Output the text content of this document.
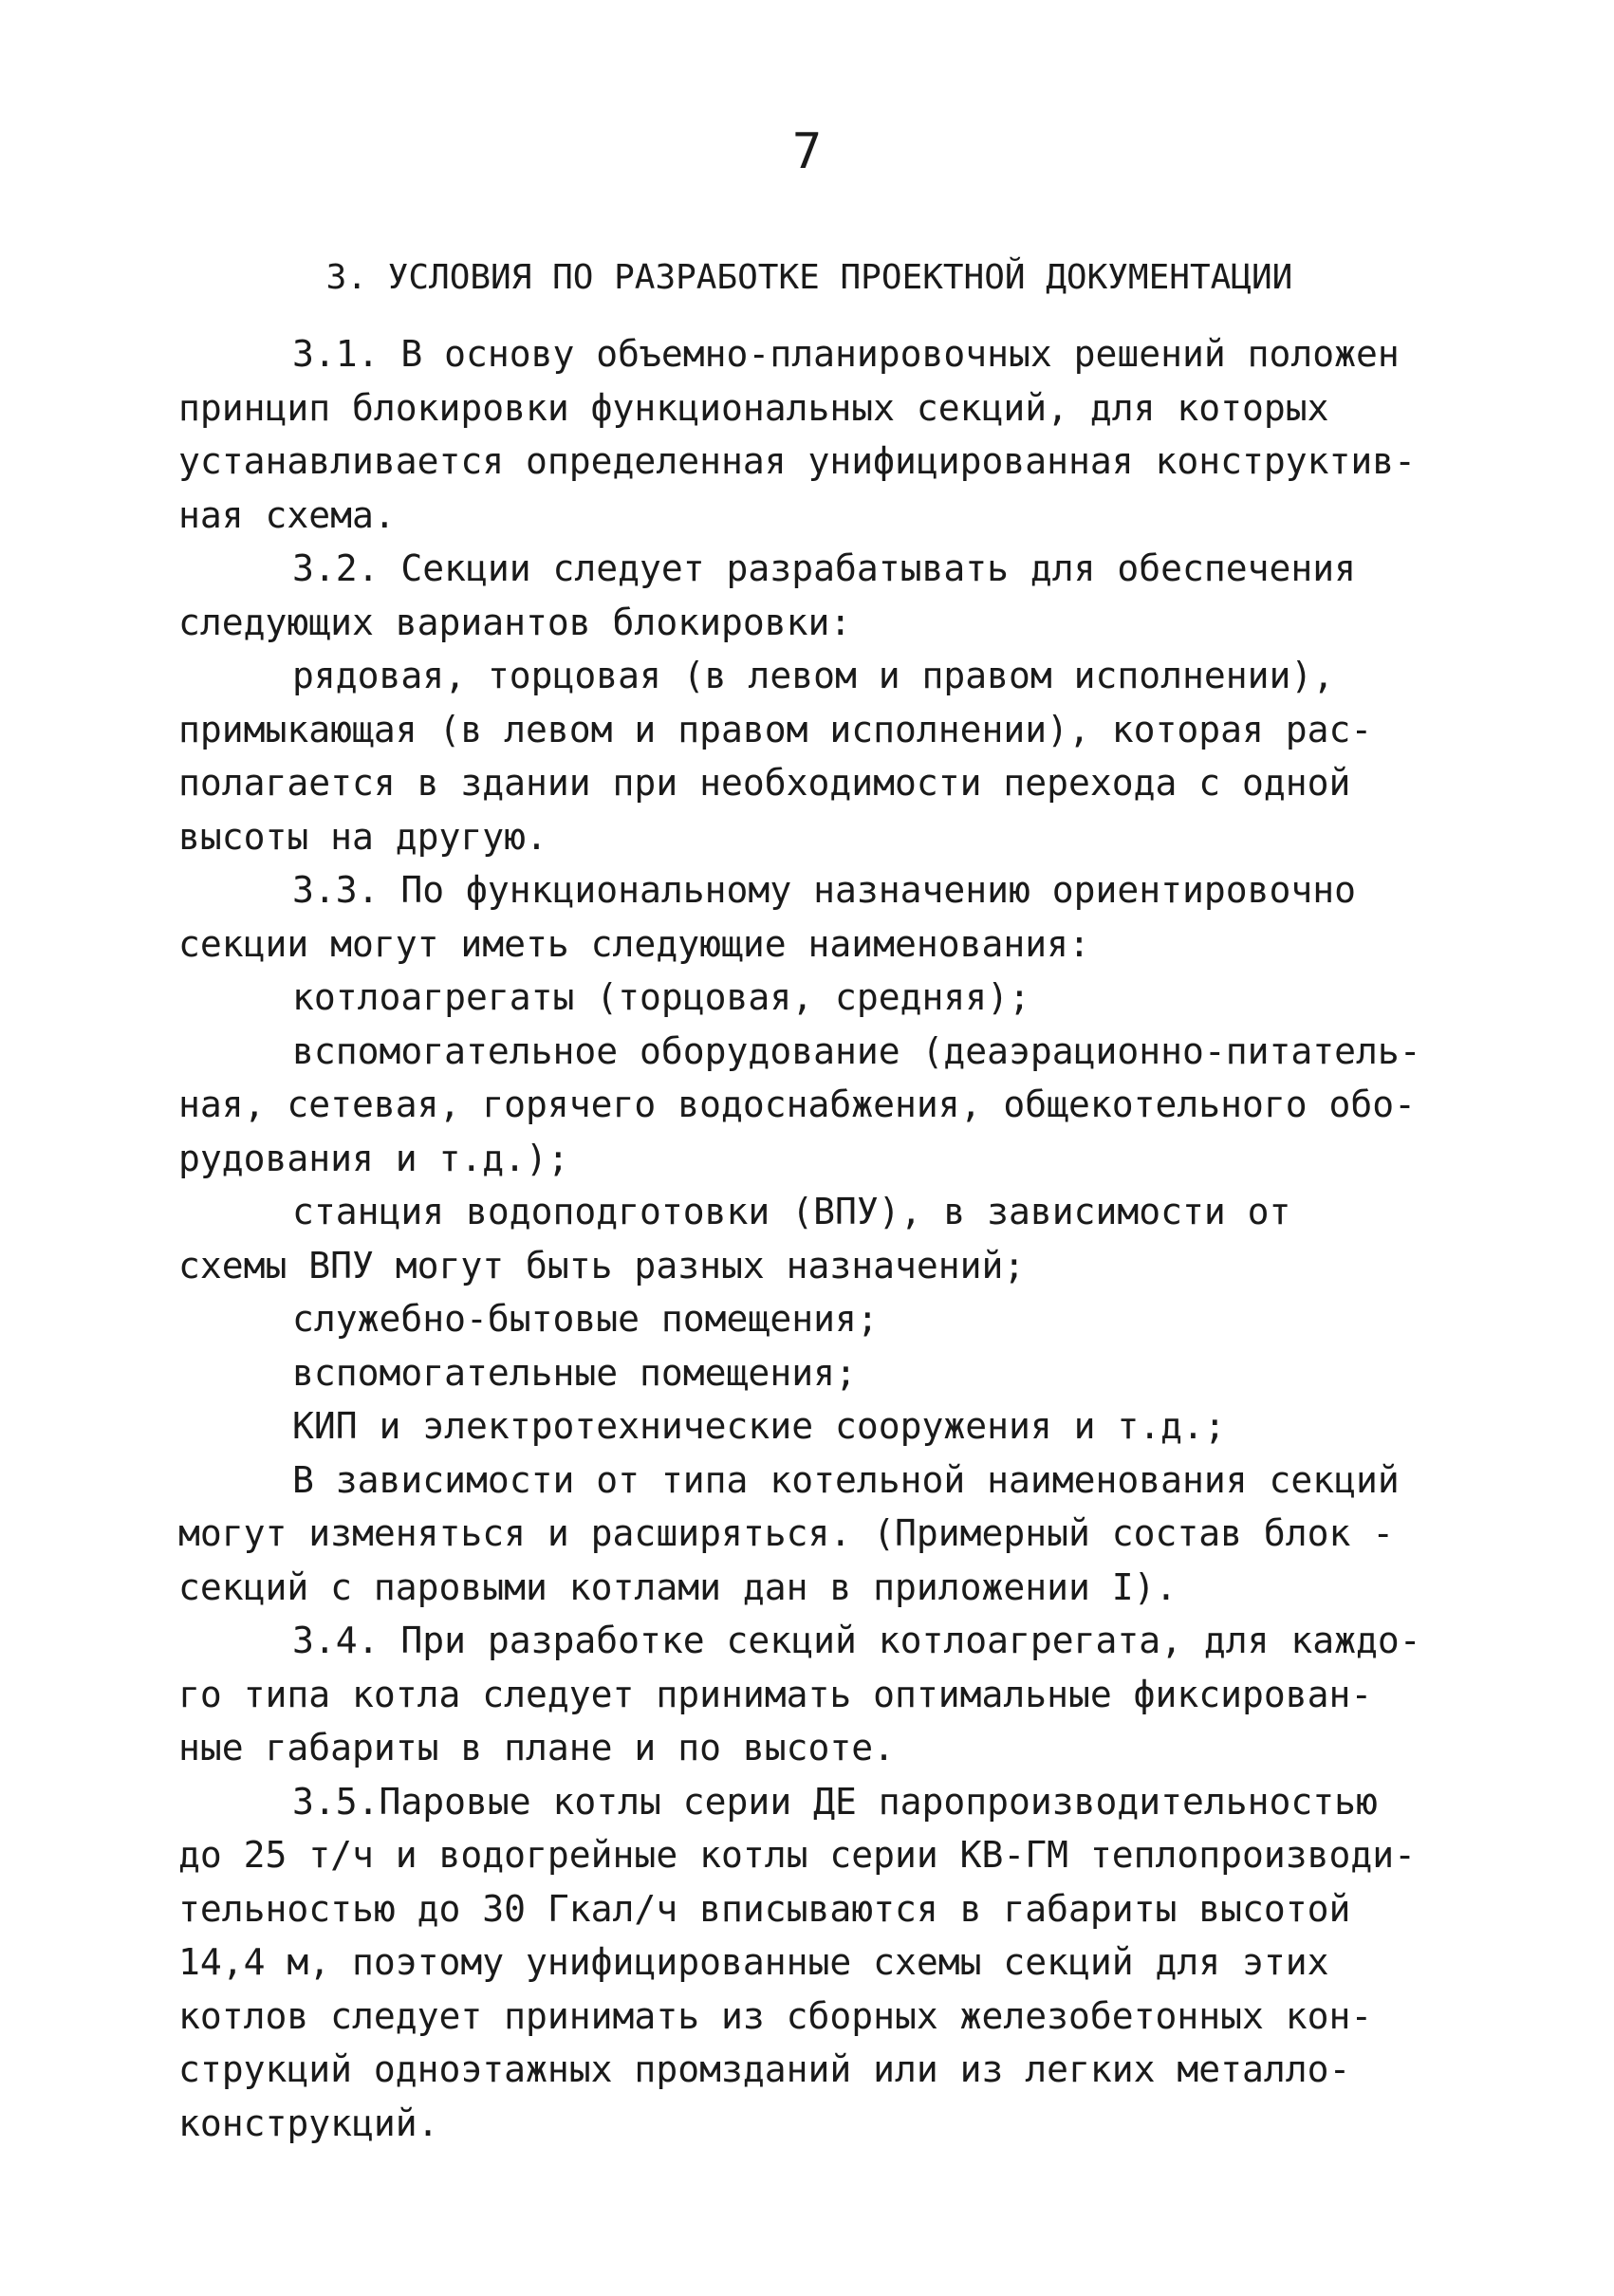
7
3. УСЛОВИЯ ПО РАЗРАБОТКЕ ПРОЕКТНОЙ ДОКУМЕНТАЦИИ
3.1. В основу объемно-планировочных решений положен
принцип блокировки функциональных секций, для которых
устанавливается определенная унифицированная конструктив-
ная схема.
3.2. Секции следует разрабатывать для обеспечения
следующих вариантов блокировки:
рядовая, торцовая (в левом и правом исполнении),
примыкающая (в левом и правом исполнении), которая рас-
полагается в здании при необходимости перехода с одной
высоты на другую.
3.3. По функциональному назначению ориентировочно
секции могут иметь следующие наименования:
котлоагрегаты (торцовая, средняя);
вспомогательное оборудование (деаэрационно-питатель-
ная, сетевая, горячего водоснабжения, общекотельного обо-
рудования и т.д.);
станция водоподготовки (ВПУ), в зависимости от
схемы ВПУ могут быть разных назначений;
служебно-бытовые помещения;
вспомогательные помещения;
КИП и электротехнические сооружения и т.д.;
В зависимости от типа котельной наименования секций
могут изменяться и расширяться. (Примерный состав блок -
секций с паровыми котлами дан в приложении I).
3.4. При разработке секций котлоагрегата, для каждо-
го типа котла следует принимать оптимальные фиксирован-
ные габариты в плане и по высоте.
3.5.Паровые котлы серии ДЕ паропроизводительностью
до 25 т/ч и водогрейные котлы серии КВ-ГМ теплопроизводи-
тельностью до 30 Гкал/ч вписываются в габариты высотой
14,4 м, поэтому унифицированные схемы секций для этих
котлов следует принимать из сборных железобетонных кон-
струкций одноэтажных промзданий или из легких металло-
конструкций.
